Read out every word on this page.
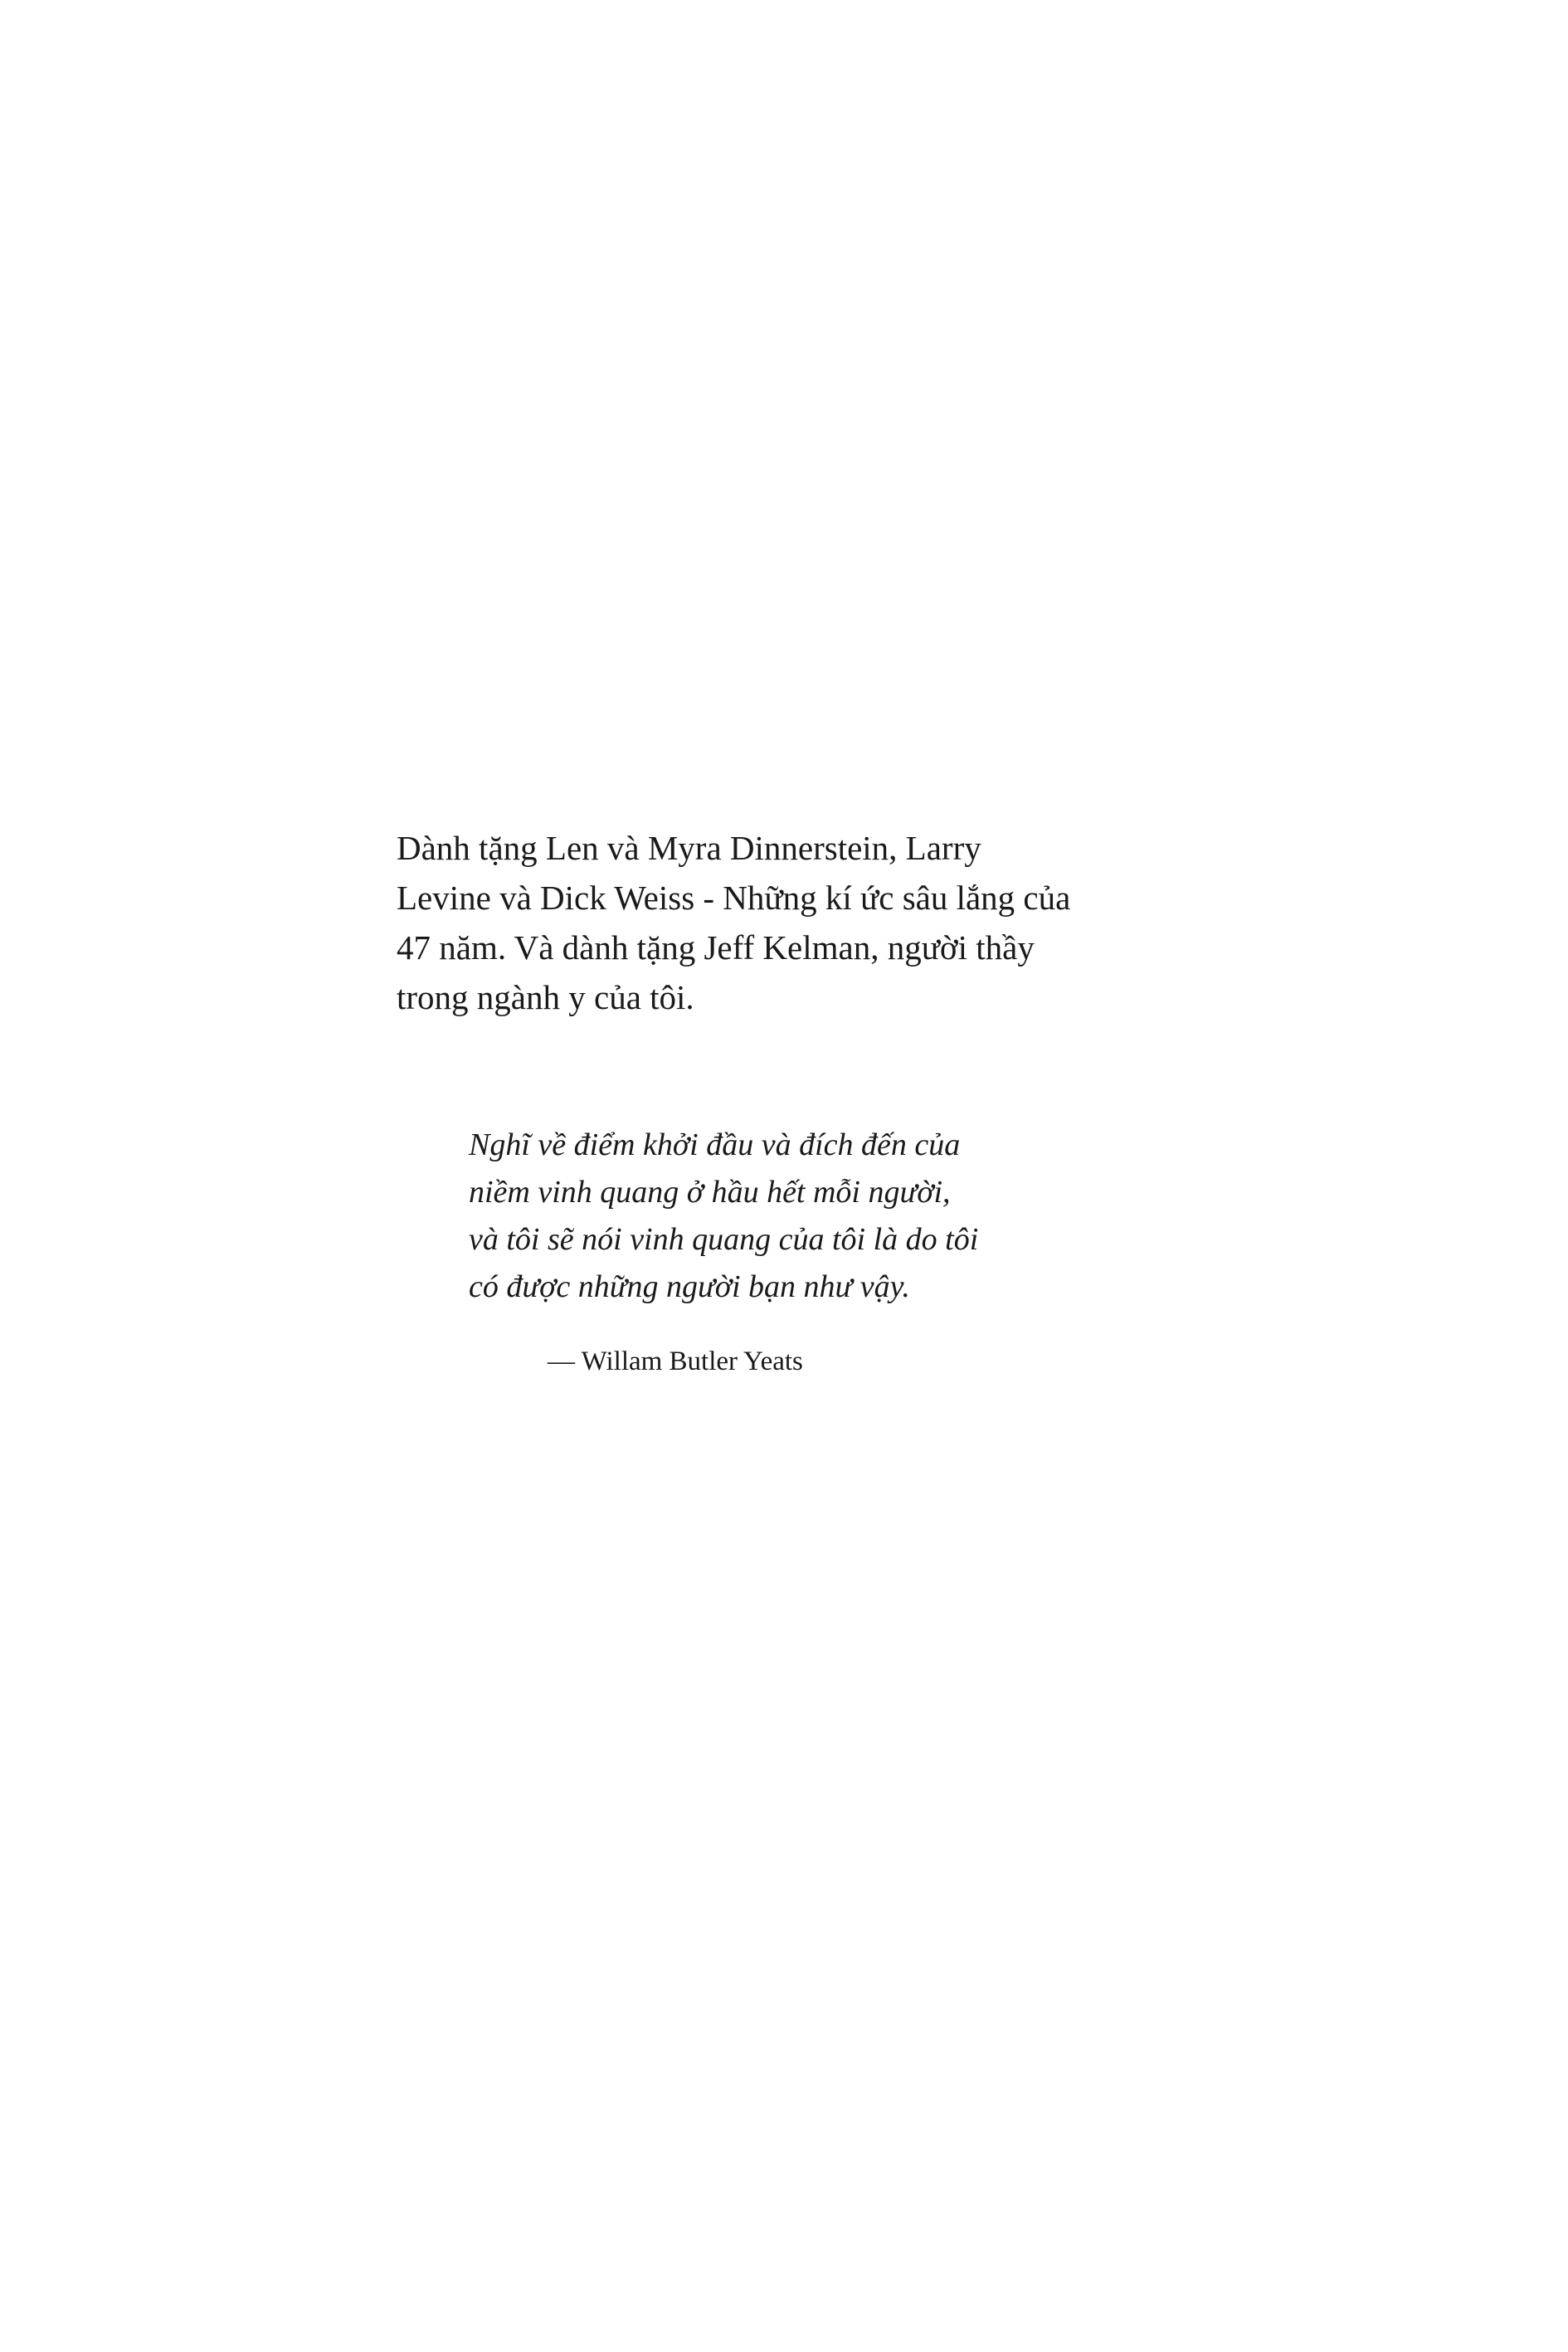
Dành tặng Len và Myra Dinnerstein, Larry
Levine và Dick Weiss - Những kí ức sâu lắng của
47 năm. Và dành tặng Jeff Kelman, người thầy
trong ngành y của tôi.
Nghĩ về điểm khởi đầu và đích đến của
niềm vinh quang ở hầu hết mỗi người,
và tôi sẽ nói vinh quang của tôi là do tôi
có được những người bạn như vậy.
— Willam Butler Yeats
